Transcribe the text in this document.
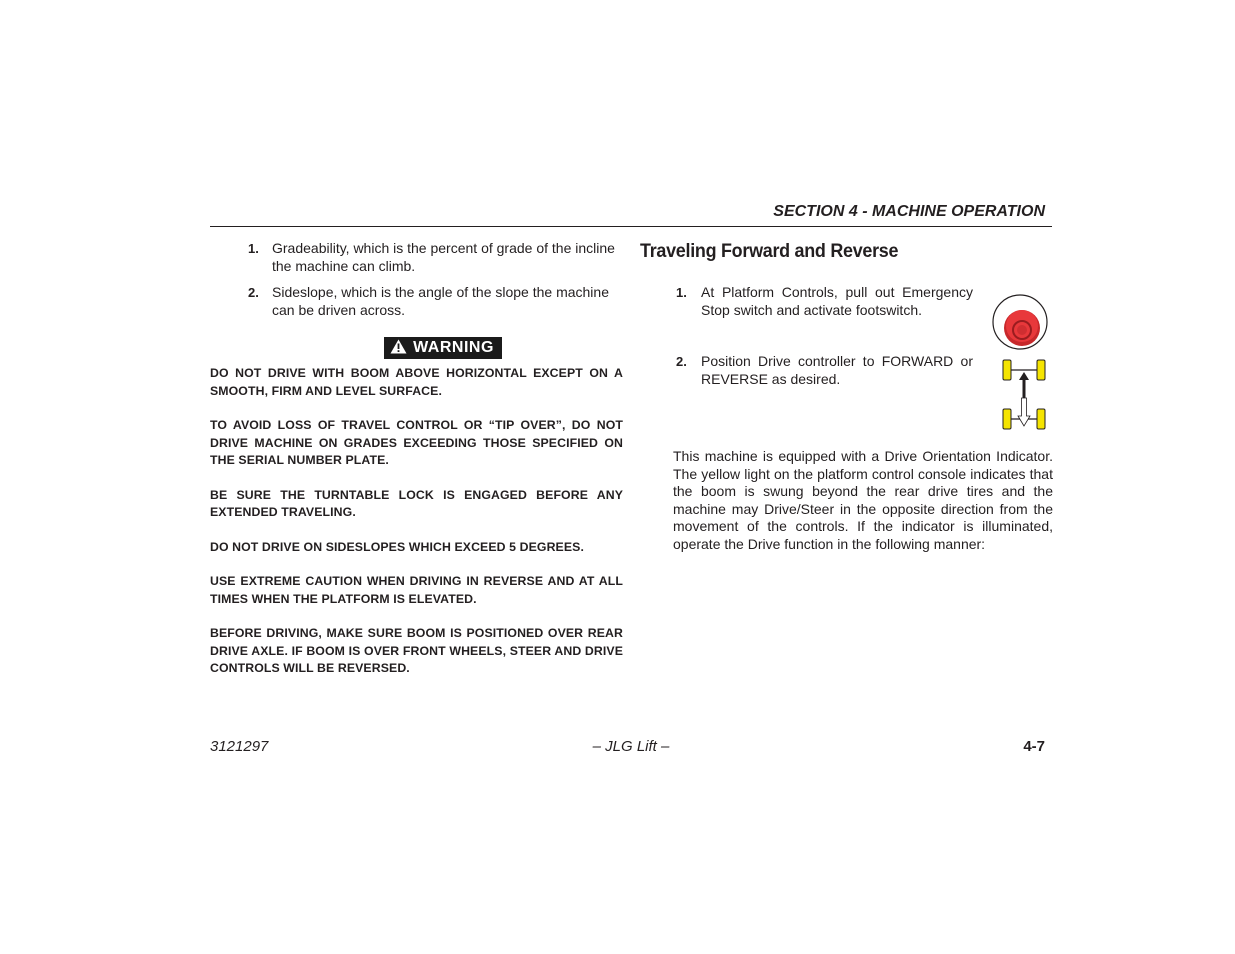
SECTION 4 - MACHINE OPERATION
1. Gradeability, which is the percent of grade of the incline the machine can climb.
2. Sideslope, which is the angle of the slope the machine can be driven across.
WARNING

DO NOT DRIVE WITH BOOM ABOVE HORIZONTAL EXCEPT ON A SMOOTH, FIRM AND LEVEL SURFACE.

TO AVOID LOSS OF TRAVEL CONTROL OR “TIP OVER”, DO NOT DRIVE MACHINE ON GRADES EXCEEDING THOSE SPECIFIED ON THE SERIAL NUMBER PLATE.

BE SURE THE TURNTABLE LOCK IS ENGAGED BEFORE ANY EXTENDED TRAVELING.

DO NOT DRIVE ON SIDESLOPES WHICH EXCEED 5 DEGREES.

USE EXTREME CAUTION WHEN DRIVING IN REVERSE AND AT ALL TIMES WHEN THE PLATFORM IS ELEVATED.

BEFORE DRIVING, MAKE SURE BOOM IS POSITIONED OVER REAR DRIVE AXLE. IF BOOM IS OVER FRONT WHEELS, STEER AND DRIVE CONTROLS WILL BE REVERSED.

Traveling Forward and Reverse
1. At Platform Controls, pull out Emergency Stop switch and activate footswitch.
2. Position Drive controller to FORWARD or REVERSE as desired.

This machine is equipped with a Drive Orientation Indicator. The yellow light on the platform control console indicates that the boom is swung beyond the rear drive tires and the machine may Drive/Steer in the opposite direction from the movement of the controls. If the indicator is illuminated, operate the Drive function in the following manner:

3121297	– JLG Lift –	4-7
